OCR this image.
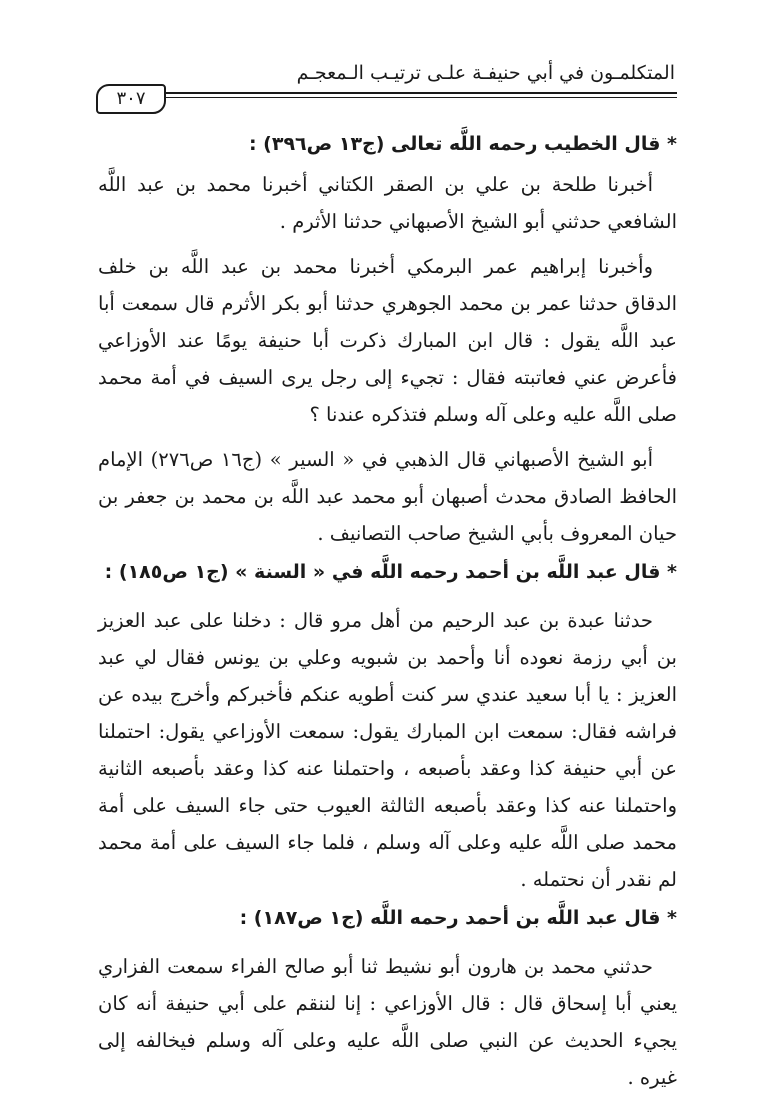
المتكلمـون في أبي حنيفـة علـى ترتيـب الـمعجـم
٣٠٧
* قال الخطيب رحمه اللَّه تعالى (ج١٣ ص٣٩٦) :

أخبرنا طلحة بن علي بن الصقر الكتاني أخبرنا محمد بن عبد اللَّه الشافعي حدثني أبو الشيخ الأصبهاني حدثنا الأثرم .

وأخبرنا إبراهيم عمر البرمكي أخبرنا محمد بن عبد اللَّه بن خلف الدقاق حدثنا عمر بن محمد الجوهري حدثنا أبو بكر الأثرم قال سمعت أبا عبد اللَّه يقول : قال ابن المبارك ذكرت أبا حنيفة يومًا عند الأوزاعي فأعرض عني فعاتبته فقال : تجيء إلى رجل يرى السيف في أمة محمد صلى اللَّه عليه وعلى آله وسلم فتذكره عندنا ؟

أبو الشيخ الأصبهاني قال الذهبي في « السير » (ج١٦ ص٢٧٦) الإمام الحافظ الصادق محدث أصبهان أبو محمد عبد اللَّه بن محمد بن جعفر بن حيان المعروف بأبي الشيخ صاحب التصانيف .

* قال عبد اللَّه بن أحمد رحمه اللَّه في « السنة » (ج١ ص١٨٥) :

حدثنا عبدة بن عبد الرحيم من أهل مرو قال : دخلنا على عبد العزيز بن أبي رزمة نعوده أنا وأحمد بن شبويه وعلي بن يونس فقال لي عبد العزيز : يا أبا سعيد عندي سر كنت أطويه عنكم فأخبركم وأخرج بيده عن فراشه فقال: سمعت ابن المبارك يقول: سمعت الأوزاعي يقول: احتملنا عن أبي حنيفة كذا وعقد بأصبعه ، واحتملنا عنه كذا وعقد بأصبعه الثانية واحتملنا عنه كذا وعقد بأصبعه الثالثة العيوب حتى جاء السيف على أمة محمد صلى اللَّه عليه وعلى آله وسلم ، فلما جاء السيف على أمة محمد لم نقدر أن نحتمله .

* قال عبد اللَّه بن أحمد رحمه اللَّه (ج١ ص١٨٧) :

حدثني محمد بن هارون أبو نشيط ثنا أبو صالح الفراء سمعت الفزاري يعني أبا إسحاق قال : قال الأوزاعي : إنا لننقم على أبي حنيفة أنه كان يجيء الحديث عن النبي صلى اللَّه عليه وعلى آله وسلم فيخالفه إلى غيره .
